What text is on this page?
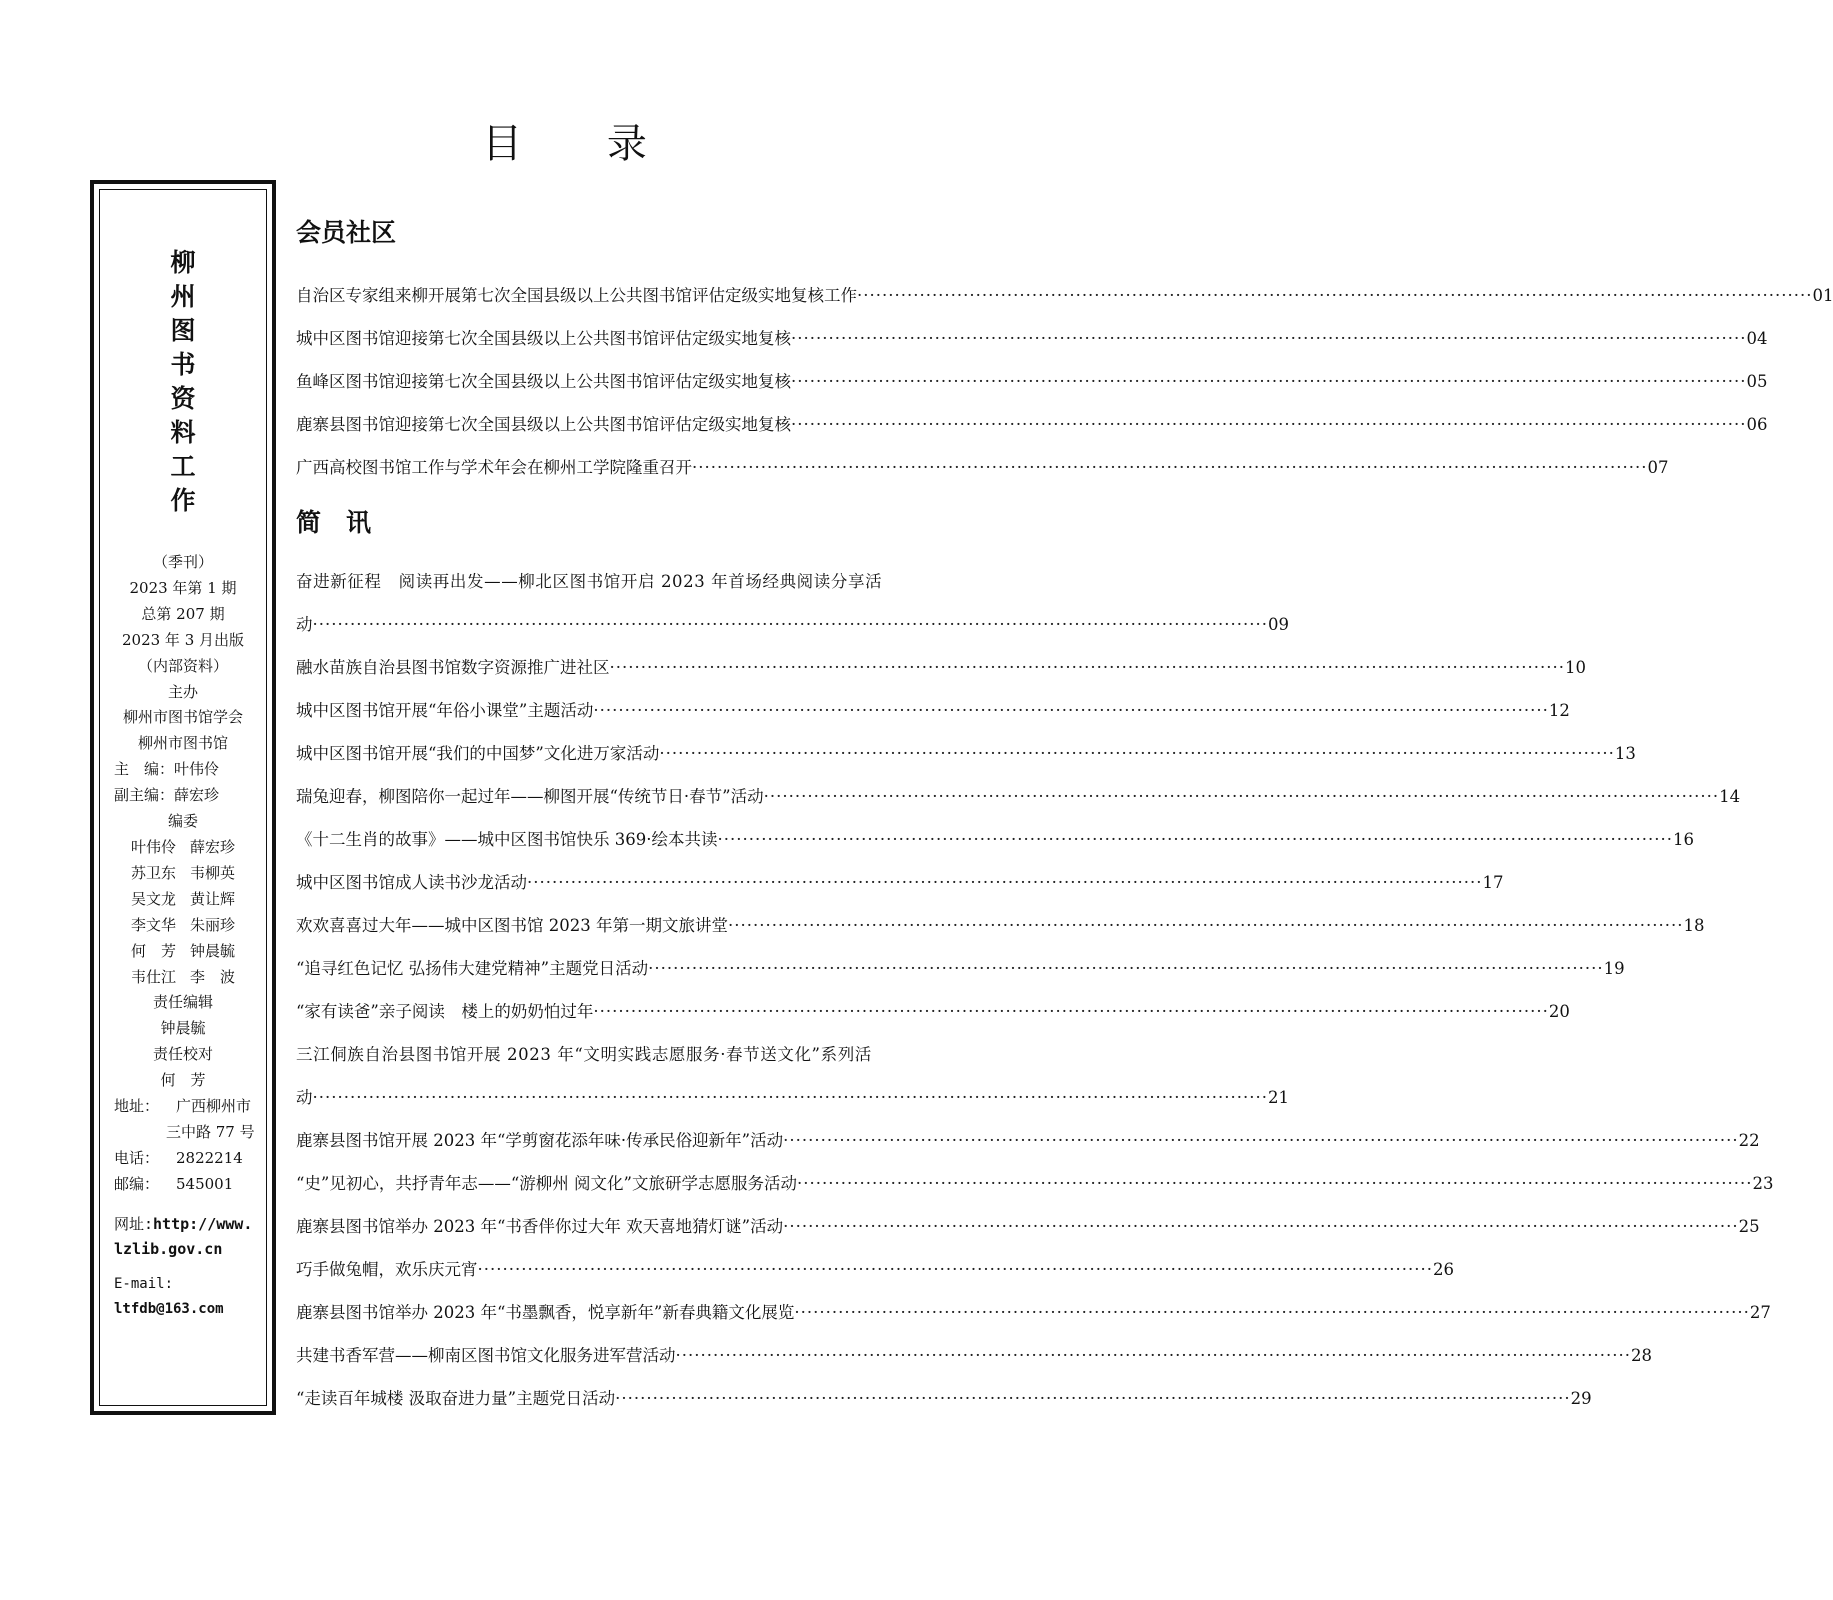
目 录
柳
州
图
书
资
料
工
作
（季刊）
2023 年第 1 期
总第 207 期
2023 年 3 月出版
（内部资料）
主办
柳州市图书馆学会
柳州市图书馆
主　编：叶伟伶
副主编：薛宏珍
编委
叶伟伶 薛宏珍
苏卫东 韦柳英
吴文龙 黄让辉
李文华 朱丽珍
何　芳 钟晨毓
韦仕江 李　波
责任编辑
钟晨毓
责任校对
何　芳
地址：	广西柳州市
三中路 77 号
电话：	2822214
邮编：	545001
网址:http://www.
lzlib.gov.cn
E-mail:
ltfdb@163.com
会员社区
自治区专家组来柳开展第七次全国县级以上公共图书馆评估定级实地复核工作 ·····	01
城中区图书馆迎接第七次全国县级以上公共图书馆评估定级实地复核 ·····	04
鱼峰区图书馆迎接第七次全国县级以上公共图书馆评估定级实地复核 ·····	05
鹿寨县图书馆迎接第七次全国县级以上公共图书馆评估定级实地复核 ·····	06
广西高校图书馆工作与学术年会在柳州工学院隆重召开 ·····	07
简　讯
奋进新征程　阅读再出发——柳北区图书馆开启 2023 年首场经典阅读分享活
动 ·····	09
融水苗族自治县图书馆数字资源推广进社区 ·····	10
城中区图书馆开展“年俗小课堂”主题活动 ·····	12
城中区图书馆开展“我们的中国梦”文化进万家活动 ·····	13
瑞兔迎春，柳图陪你一起过年——柳图开展“传统节日·春节”活动 ·····	14
《十二生肖的故事》——城中区图书馆快乐 369·绘本共读 ·····	16
城中区图书馆成人读书沙龙活动 ·····	17
欢欢喜喜过大年——城中区图书馆 2023 年第一期文旅讲堂 ·····	18
“追寻红色记忆 弘扬伟大建党精神”主题党日活动 ·····	19
“家有读爸”亲子阅读　楼上的奶奶怕过年 ·····	20
三江侗族自治县图书馆开展 2023 年“文明实践志愿服务·春节送文化”系列活
动 ·····	21
鹿寨县图书馆开展 2023 年“学剪窗花添年味·传承民俗迎新年”活动 ·····	22
“史”见初心，共抒青年志——“游柳州 阅文化”文旅研学志愿服务活动 ·····	23
鹿寨县图书馆举办 2023 年“书香伴你过大年 欢天喜地猜灯谜”活动 ·····	25
巧手做兔帽，欢乐庆元宵 ·····	26
鹿寨县图书馆举办 2023 年“书墨飘香，悦享新年”新春典籍文化展览 ·····	27
共建书香军营——柳南区图书馆文化服务进军营活动 ·····	28
“走读百年城楼 汲取奋进力量”主题党日活动 ·····	29
